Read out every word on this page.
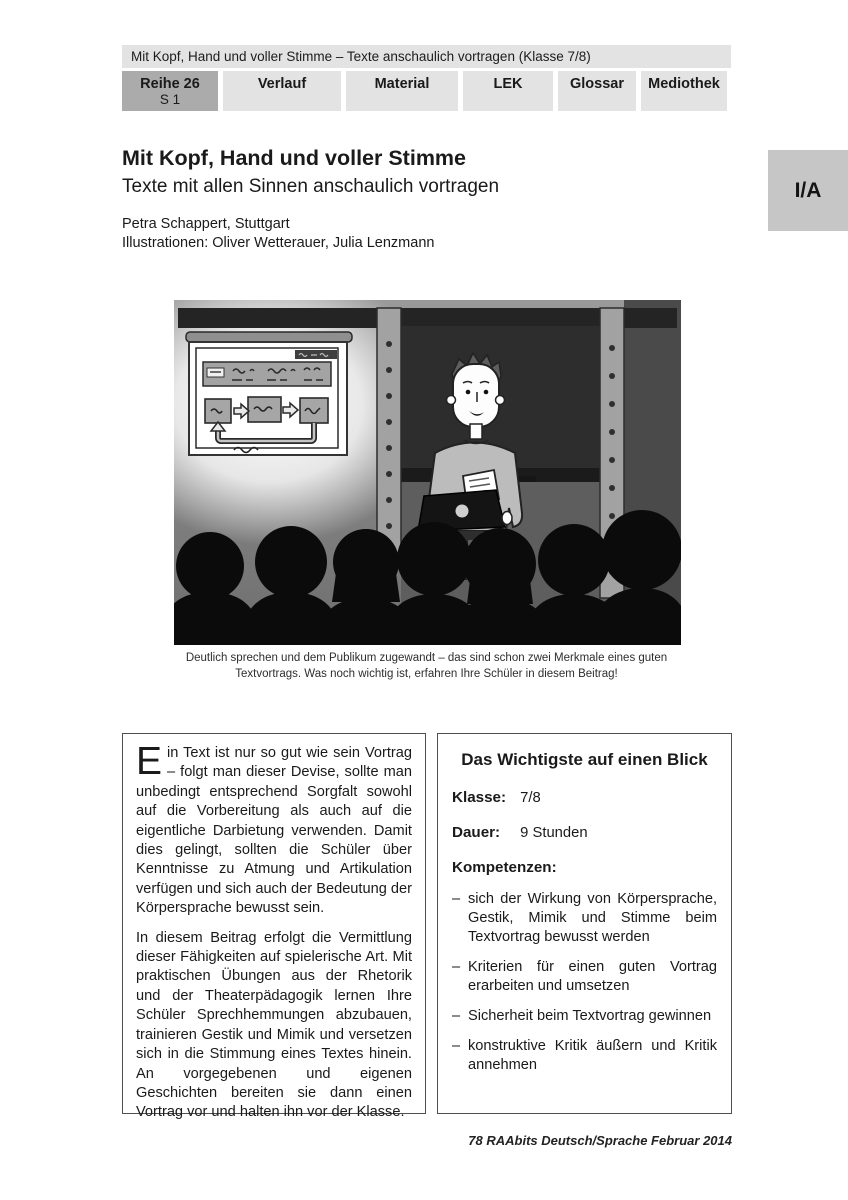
Mit Kopf, Hand und voller Stimme – Texte anschaulich vortragen (Klasse 7/8)
Reihe 26
S 1
Verlauf	Material	LEK	Glossar	Mediothek
I/A
Mit Kopf, Hand und voller Stimme
Texte mit allen Sinnen anschaulich vortragen
Petra Schappert, Stuttgart
Illustrationen: Oliver Wetterauer, Julia Lenzmann
Deutlich sprechen und dem Publikum zugewandt – das sind schon zwei Merkmale eines guten
Textvortrags. Was noch wichtig ist, erfahren Ihre Schüler in diesem Beitrag!

Ein Text ist nur so gut wie sein Vortrag – folgt man dieser Devise, sollte man unbedingt entsprechend Sorgfalt sowohl auf die Vorbereitung als auch auf die eigentliche Darbietung verwenden. Damit dies gelingt, sollten die Schüler über Kenntnisse zu Atmung und Artikulation verfügen und sich auch der Bedeutung der Körpersprache bewusst sein.

In diesem Beitrag erfolgt die Vermittlung dieser Fähigkeiten auf spielerische Art. Mit praktischen Übungen aus der Rhetorik und der Theaterpädagogik lernen Ihre Schüler Sprechhemmungen abzubauen, trainieren Gestik und Mimik und versetzen sich in die Stimmung eines Textes hinein. An vorgegebenen und eigenen Geschichten bereiten sie dann einen Vortrag vor und halten ihn vor der Klasse.

Das Wichtigste auf einen Blick
Klasse: 7/8
Dauer: 9 Stunden
Kompetenzen:
– sich der Wirkung von Körpersprache, Gestik, Mimik und Stimme beim Textvortrag bewusst werden
– Kriterien für einen guten Vortrag erarbeiten und umsetzen
– Sicherheit beim Textvortrag gewinnen
– konstruktive Kritik äußern und Kritik annehmen
78 RAAbits Deutsch/Sprache Februar 2014
